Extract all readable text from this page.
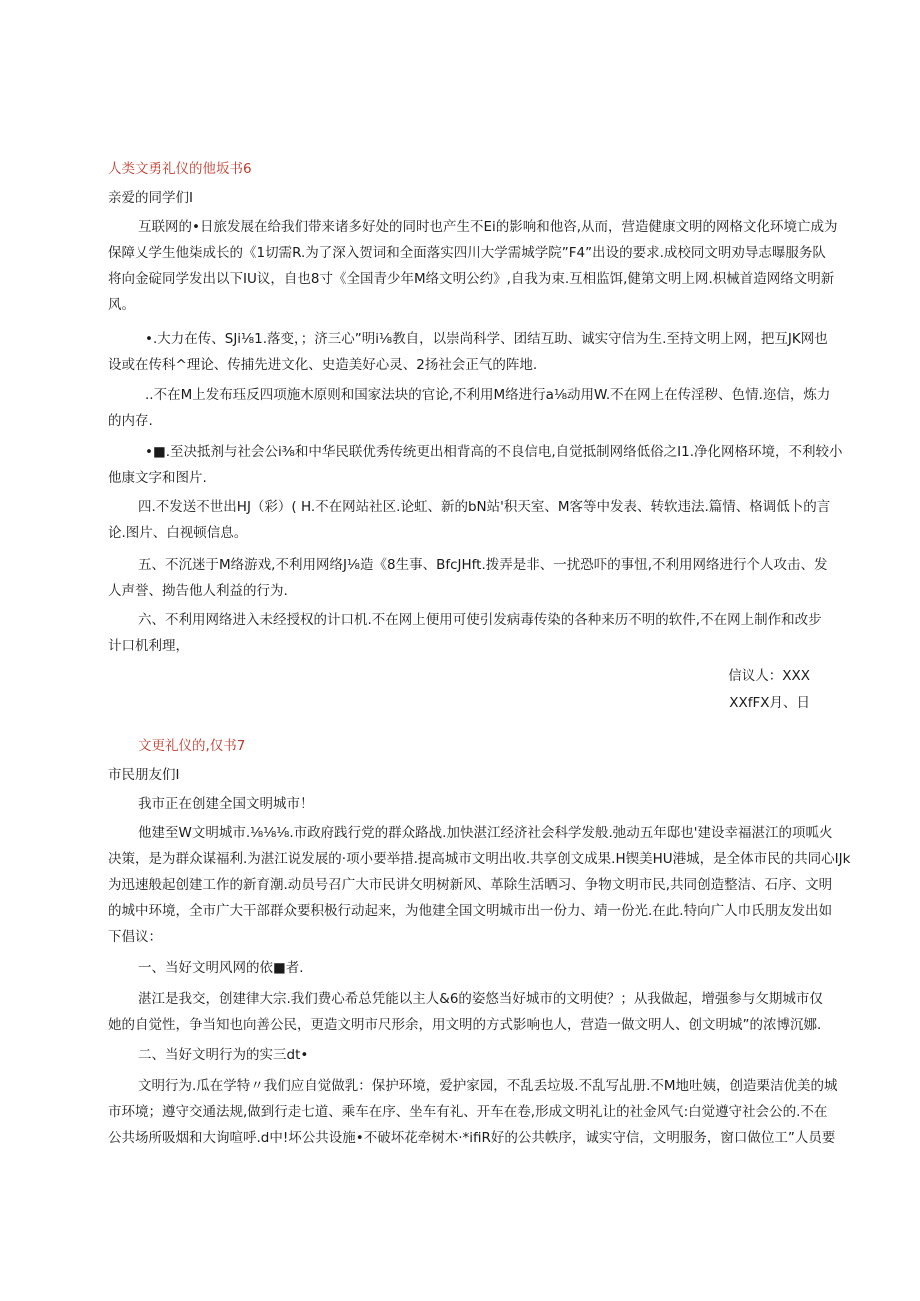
人类文勇礼仪的他坂书6
亲爱的同学们I
互联网的•日旅发展在给我们带来诸多好处的同时也产生不Ei的影响和他咨,从而，营造健康文明的网格文化环境亡成为
保障乂学生他柒成长的《1切需R.为了深入贺词和全面落实四川大学需城学院”F4”出设的要求.成校同文明劝导志曝服务队
将向金碇同学发出以下IU议，自也8寸《全国青少年M络文明公约》,自我为束.互相监饵,健第文明上网.枳械首造网络文明新
风。
•.大力在传、SJi⅛1.落变，；济三心”明i⅛教自，以崇尚科学、团结互助、诚实守信为生.至持文明上网，把互JK网也
设或在传科^理论、传捕先进文化、史造美好心灵、2扬社会正气的阵地.
..不在M上发布珏反四项施木原则和国家法块的官论,不利用M络进行a⅛动用W.不在网上在传淫秽、色情.迩信，炼力
的内存.
•■.至决抵剂与社会公i⅜和中华民联优秀传统更出相背高的不良信电,自觉抵制网络低俗之I1.净化网格环境，不利较小
他康文字和图片.
四.不发送不世出HJ（彩）( H.不在网站社区.论虹、新的bN站'积天室、M客等中发表、转软违法.篇情、格调低卜的言
论.图片、白视顿信息。
五、不沉迷于M络游戏,不利用网络J⅛造《8生事、BfcJHft.拨弄是非、一扰恐吓的事忸,不利用网络进行个人攻击、发
人声誉、拗告他人利益的行为.
六、不利用网络进入未经授权的计口机.不在网上便用可使引发病毒传染的各种来历不明的软件,不在网上制作和改步
计口机利理，
信议人：XXX
XXfFX月、日
文更礼仪的,仅书7
市民朋友们I
我市正在创建全国文明城市！
他建至W文明城市.⅛⅛⅛.市政府践行党的群众路战.加快湛江经济社会科学发般.弛动五年邸也'建设幸福湛江的项呱火
决策，是为群众谋福利.为湛江说发展的·项小要举措.提高城市文明出收.共享创文成果.H锲美HU港城，是全体市民的共同心IJk
为迅速般起创建工作的新育潮.动员号召广大市民讲攵明树新风、革除生活晒习、争物文明市民,共同创造整洁、石序、文明
的城中环境，全市广大干部群众要积极行动起来，为他建全国文明城市出一份力、靖一份光.在此.特向广人巾氏朋友发出如
下倡议：
一、当好文明风网的依■者.
湛江是我交，创建律大宗.我们费心希总凭能以主人&6的姿悠当好城市的文明使？；从我做起，增强参与攵期城市仅
她的自觉性，争当知也向善公民，更造文明市尺形余，用文明的方式影响也人，营造一做文明人、创文明城”的浓博沉娜.
二、当好文明行为的实三dt•
文明行为.瓜在学特〃我们应自觉做乳：保护环境，爱护家园，不乱丢垃圾.不乱写乩册.不M地吐姨，创造栗洁优美的城
市环境；遵守交通法规,做到行走七道、乘车在序、坐车有礼、开车在卷,形成文明礼让的社金风气:白觉遵守社会公的.不在
公共场所吸烟和大询喧呼.d中!坏公共设施•不破坏花牵树木·*ifiR好的公共帙序，诚实守信，文明服务，窗口做位工”人员要
